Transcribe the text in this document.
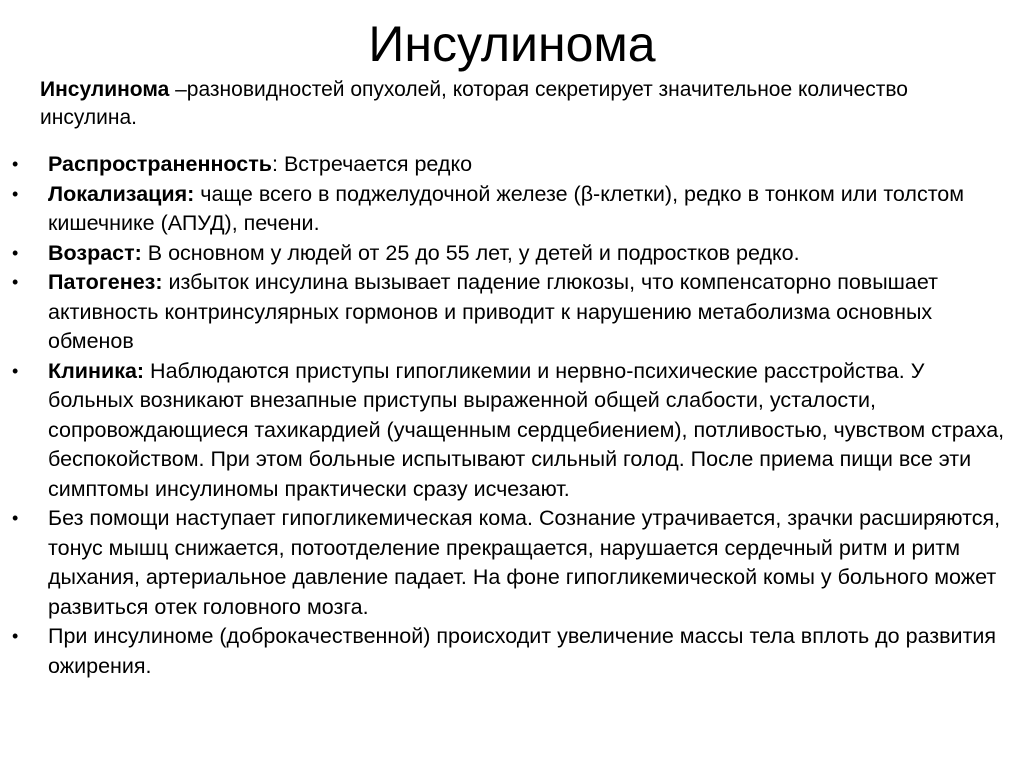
Инсулинома

Инсулинома –разновидностей опухолей, которая секретирует значительное количество инсулина.

•	Распространенность: Встречается редко
•	Локализация: чаще всего в поджелудочной железе (β-клетки), редко в тонком или толстом кишечнике (АПУД), печени.
•	Возраст: В основном у людей от 25 до 55 лет, у детей и подростков редко.
•	Патогенез: избыток инсулина вызывает падение глюкозы, что компенсаторно повышает активность контринсулярных гормонов и приводит к нарушению метаболизма основных обменов
•	Клиника: Наблюдаются приступы гипогликемии и нервно-психические расстройства. У больных возникают внезапные приступы выраженной общей слабости, усталости, сопровождающиеся тахикардией (учащенным сердцебиением), потливостью, чувством страха, беспокойством. При этом больные испытывают сильный голод. После приема пищи все эти симптомы инсулиномы практически сразу исчезают.
•	Без помощи наступает гипогликемическая кома. Сознание утрачивается, зрачки расширяются, тонус мышц снижается, потоотделение прекращается, нарушается сердечный ритм и ритм дыхания, артериальное давление падает. На фоне гипогликемической комы у больного может развиться отек головного мозга.
•	При инсулиноме (доброкачественной) происходит увеличение массы тела вплоть до развития ожирения.
